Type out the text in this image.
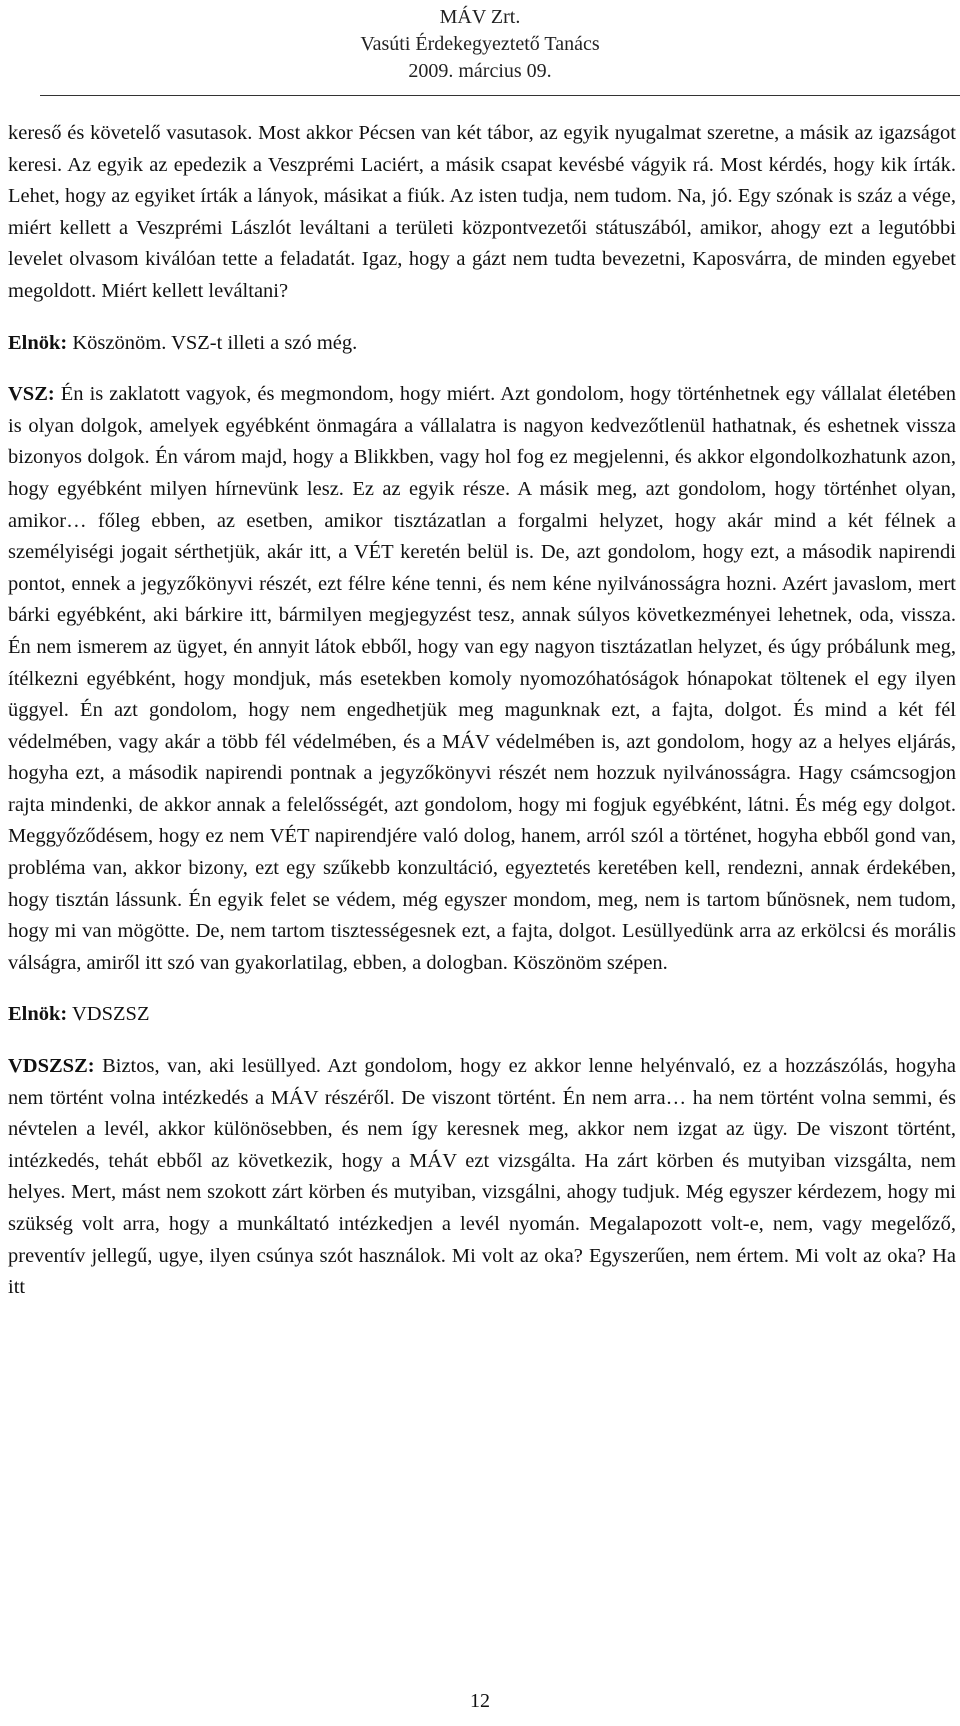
MÁV Zrt.
Vasúti Érdekegyeztető Tanács
2009. március 09.

kereső és követelő vasutasok. Most akkor Pécsen van két tábor, az egyik nyugalmat szeretne, a másik az igazságot keresi. Az egyik az epedezik a Veszprémi Laciért, a másik csapat kevésbé vágyik rá. Most kérdés, hogy kik írták. Lehet, hogy az egyiket írták a lányok, másikat a fiúk. Az isten tudja, nem tudom. Na, jó. Egy szónak is száz a vége, miért kellett a Veszprémi Lászlót leváltani a területi központvezetői státuszából, amikor, ahogy ezt a legutóbbi levelet olvasom kiválóan tette a feladatát. Igaz, hogy a gázt nem tudta bevezetni, Kaposvárra, de minden egyebet megoldott. Miért kellett leváltani?

Elnök: Köszönöm. VSZ-t illeti a szó még.

VSZ: Én is zaklatott vagyok, és megmondom, hogy miért. Azt gondolom, hogy történhetnek egy vállalat életében is olyan dolgok, amelyek egyébként önmagára a vállalatra is nagyon kedvezőtlenül hathatnak, és eshetnek vissza bizonyos dolgok. Én várom majd, hogy a Blikkben, vagy hol fog ez megjelenni, és akkor elgondolkozhatunk azon, hogy egyébként milyen hírnevünk lesz. Ez az egyik része. A másik meg, azt gondolom, hogy történhet olyan, amikor… főleg ebben, az esetben, amikor tisztázatlan a forgalmi helyzet, hogy akár mind a két félnek a személyiségi jogait sérthetjük, akár itt, a VÉT keretén belül is. De, azt gondolom, hogy ezt, a második napirendi pontot, ennek a jegyzőkönyvi részét, ezt félre kéne tenni, és nem kéne nyilvánosságra hozni. Azért javaslom, mert bárki egyébként, aki bárkire itt, bármilyen megjegyzést tesz, annak súlyos következményei lehetnek, oda, vissza. Én nem ismerem az ügyet, én annyit látok ebből, hogy van egy nagyon tisztázatlan helyzet, és úgy próbálunk meg, ítélkezni egyébként, hogy mondjuk, más esetekben komoly nyomozóhatóságok hónapokat töltenek el egy ilyen üggyel. Én azt gondolom, hogy nem engedhetjük meg magunknak ezt, a fajta, dolgot. És mind a két fél védelmében, vagy akár a több fél védelmében, és a MÁV védelmében is, azt gondolom, hogy az a helyes eljárás, hogyha ezt, a második napirendi pontnak a jegyzőkönyvi részét nem hozzuk nyilvánosságra. Hagy csámcsogjon rajta mindenki, de akkor annak a felelősségét, azt gondolom, hogy mi fogjuk egyébként, látni. És még egy dolgot. Meggyőződésem, hogy ez nem VÉT napirendjére való dolog, hanem, arról szól a történet, hogyha ebből gond van, probléma van, akkor bizony, ezt egy szűkebb konzultáció, egyeztetés keretében kell, rendezni, annak érdekében, hogy tisztán lássunk. Én egyik felet se védem, még egyszer mondom, meg, nem is tartom bűnösnek, nem tudom, hogy mi van mögötte. De, nem tartom tisztességesnek ezt, a fajta, dolgot. Lesüllyedünk arra az erkölcsi és morális válságra, amiről itt szó van gyakorlatilag, ebben, a dologban. Köszönöm szépen.

Elnök: VDSZSZ

VDSZSZ: Biztos, van, aki lesüllyed. Azt gondolom, hogy ez akkor lenne helyénvaló, ez a hozzászólás, hogyha nem történt volna intézkedés a MÁV részéről. De viszont történt. Én nem arra… ha nem történt volna semmi, és névtelen a levél, akkor különösebben, és nem így keresnek meg, akkor nem izgat az ügy. De viszont történt, intézkedés, tehát ebből az következik, hogy a MÁV ezt vizsgálta. Ha zárt körben és mutyiban vizsgálta, nem helyes. Mert, mást nem szokott zárt körben és mutyiban, vizsgálni, ahogy tudjuk. Még egyszer kérdezem, hogy mi szükség volt arra, hogy a munkáltató intézkedjen a levél nyomán. Megalapozott volt-e, nem, vagy megelőző, preventív jellegű, ugye, ilyen csúnya szót használok. Mi volt az oka? Egyszerűen, nem értem. Mi volt az oka? Ha itt

12
